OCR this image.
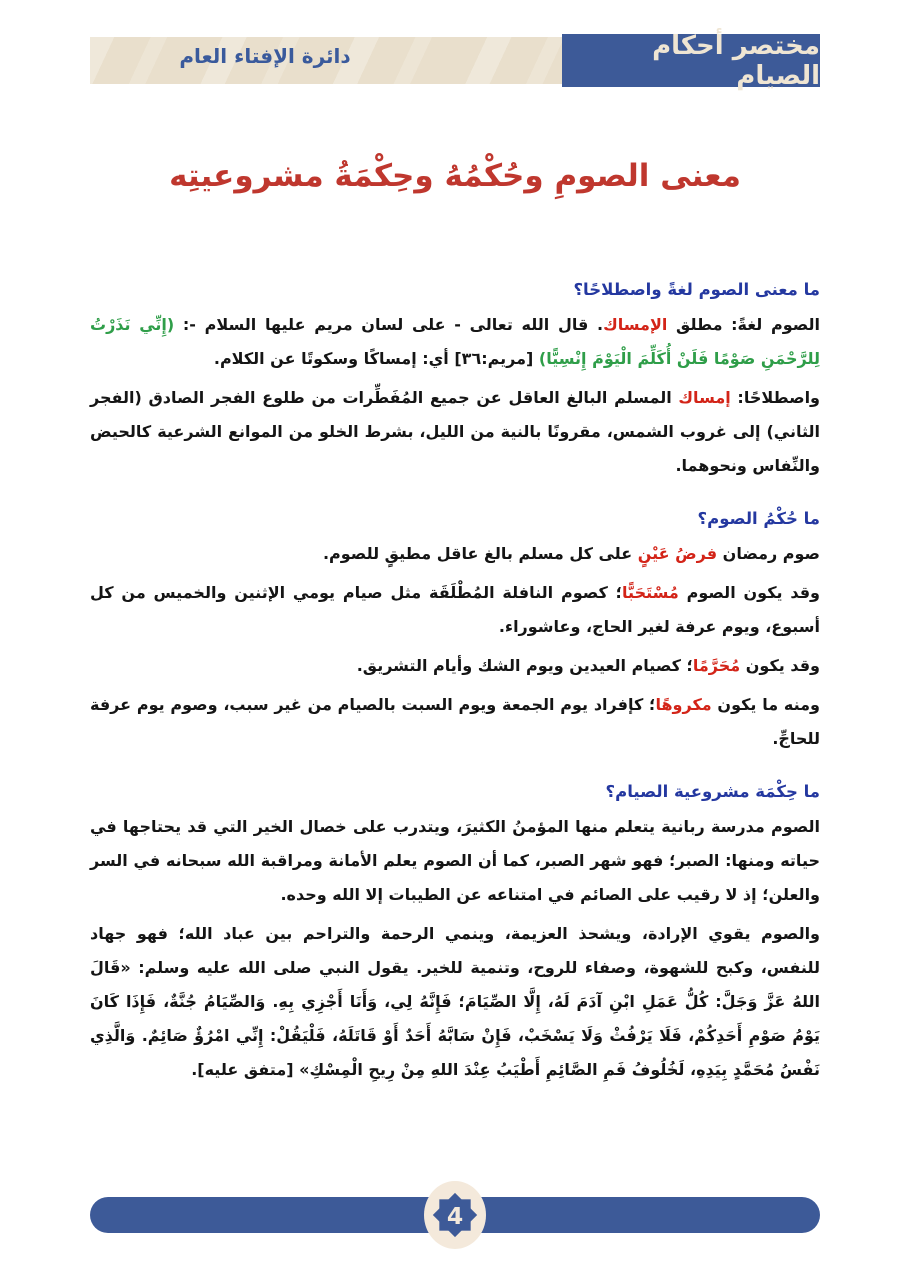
دائرة الإفتاء العام	مختصر أحكام الصيام
معنى الصومِ وحُكْمُهُ وحِكْمَةُ مشروعيتِه
ما معنى الصوم لغةً واصطلاحًا؟

الصوم لغةً: مطلق الإمساك. قال الله تعالى - على لسان مريم عليها السلام -: (إِنِّي نَذَرْتُ لِلرَّحْمَنِ صَوْمًا فَلَنْ أُكَلِّمَ الْيَوْمَ إِنْسِيًّا) [مريم:٣٦] أي: إمساكًا وسكوتًا عن الكلام.

واصطلاحًا: إمساك المسلم البالغ العاقل عن جميع المُفَطِّرات من طلوع الفجر الصادق (الفجر الثاني) إلى غروب الشمس، مقرونًا بالنية من الليل، بشرط الخلو من الموانع الشرعية كالحيض والنِّفاس ونحوهما.

ما حُكْمُ الصوم؟

صوم رمضان فرضُ عَيْنٍ على كل مسلم بالغ عاقل مطيقٍ للصوم.

وقد يكون الصوم مُسْتَحَبًّا؛ كصوم النافلة المُطْلَقَة مثل صيام يومي الإثنين والخميس من كل أسبوع، ويوم عرفة لغير الحاج، وعاشوراء.

وقد يكون مُحَرَّمًا؛ كصيام العيدين ويوم الشك وأيام التشريق.

ومنه ما يكون مكروهًا؛ كإفراد يوم الجمعة ويوم السبت بالصيام من غير سبب، وصوم يوم عرفة للحاجِّ.

ما حِكْمَة مشروعية الصيام؟

الصوم مدرسة ربانية يتعلم منها المؤمنُ الكثيرَ، ويتدرب على خصال الخير التي قد يحتاجها في حياته ومنها: الصبر؛ فهو شهر الصبر، كما أن الصوم يعلم الأمانة ومراقبة الله سبحانه في السر والعلن؛ إذ لا رقيب على الصائم في امتناعه عن الطيبات إلا الله وحده.

والصوم يقوي الإرادة، ويشحذ العزيمة، وينمي الرحمة والتراحم بين عباد الله؛ فهو جهاد للنفس، وكبح للشهوة، وصفاء للروح، وتنمية للخير. يقول النبي صلى الله عليه وسلم: «قَالَ اللهُ عَزَّ وَجَلَّ: كُلُّ عَمَلِ ابْنِ آدَمَ لَهُ، إِلَّا الصِّيَامَ؛ فَإِنَّهُ لِي، وَأَنَا أَجْزِي بِهِ. وَالصِّيَامُ جُنَّةٌ، فَإِذَا كَانَ يَوْمُ صَوْمِ أَحَدِكُمْ، فَلَا يَرْفُثْ وَلَا يَسْخَبْ، فَإِنْ سَابَّهُ أَحَدٌ أَوْ قَاتَلَهُ، فَلْيَقُلْ: إِنِّي امْرُؤٌ صَائِمٌ. وَالَّذِي نَفْسُ مُحَمَّدٍ بِيَدِهِ، لَخُلُوفُ فَمِ الصَّائِمِ أَطْيَبُ عِنْدَ اللهِ مِنْ رِيحِ الْمِسْكِ» [متفق عليه].

4
